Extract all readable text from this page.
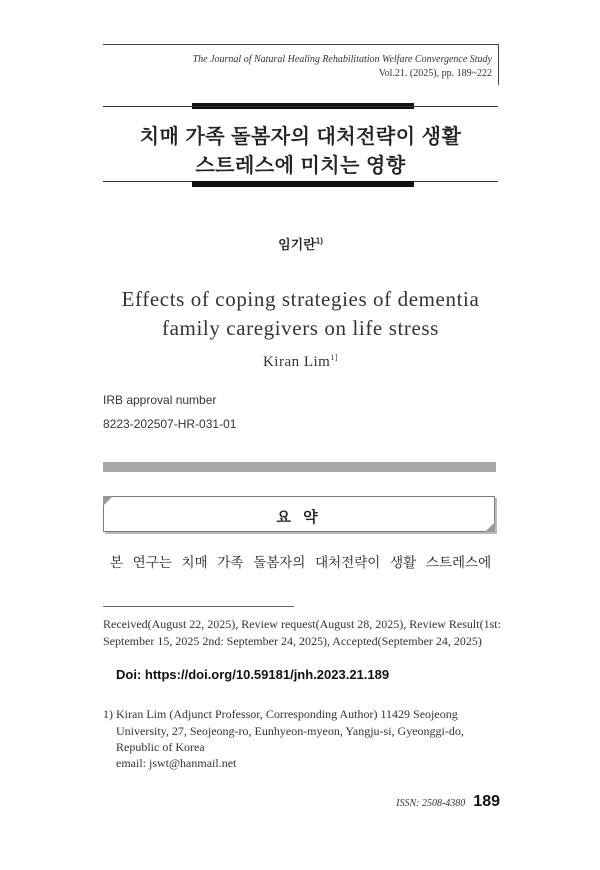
The Journal of Natural Healing Rehabilitation Welfare Convergence Study
Vol.21. (2025), pp. 189~222
치매 가족 돌봄자의 대처전략이 생활
스트레스에 미치는 영향
임기란$^{1)}$
Effects of coping strategies of dementia
family caregivers on life stress
Kiran Lim$^{1]}$
IRB approval number
8223-202507-HR-031-01
요 약
본 연구는 치매 가족 돌봄자의 대처전략이 생활 스트레스에
Received(August 22, 2025), Review request(August 28, 2025), Review Result(1st:
September 15, 2025 2nd: September 24, 2025), Accepted(September 24, 2025)
Doi: https://doi.org/10.59181/jnh.2023.21.189
1) Kiran Lim (Adjunct Professor, Corresponding Author) 11429 Seojeong
University, 27, Seojeong-ro, Eunhyeon-myeon, Yangju-si, Gyeonggi-do,
Republic of Korea
email: jswt@hanmail.net
ISSN: 2508-4380 189
